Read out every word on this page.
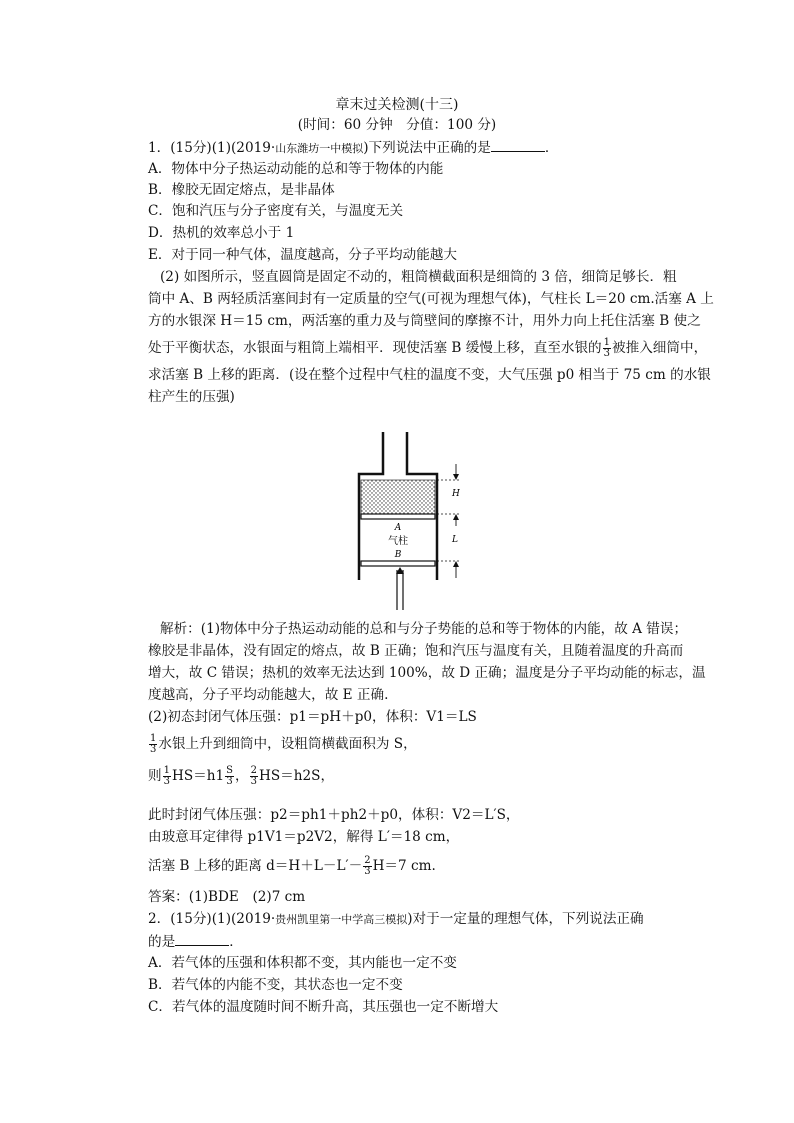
章末过关检测(十三)
(时间：60 分钟　分值：100 分)
1．(15分)(1)(2019·山东潍坊一中模拟)下列说法中正确的是	．
A．物体中分子热运动动能的总和等于物体的内能
B．橡胶无固定熔点，是非晶体
C．饱和汽压与分子密度有关，与温度无关
D．热机的效率总小于 1
E．对于同一种气体，温度越高，分子平均动能越大
(2) 如图所示，竖直圆筒是固定不动的，粗筒横截面积是细筒的 3 倍，细筒足够长．粗
筒中 A、B 两轻质活塞间封有一定质量的空气(可视为理想气体)，气柱长 L＝20 cm.活塞 A 上
方的水银深 H＝15 cm，两活塞的重力及与筒壁间的摩擦不计，用外力向上托住活塞 B 使之
处于平衡状态，水银面与粗筒上端相平．现使活塞 B 缓慢上移，直至水银的 $\frac{1}{3}$ 被推入细筒中，
求活塞 B 上移的距离．(设在整个过程中气柱的温度不变，大气压强 p0 相当于 75 cm 的水银
柱产生的压强)
A
气柱
B
H
L
解析：(1)物体中分子热运动动能的总和与分子势能的总和等于物体的内能，故 A 错误；
橡胶是非晶体，没有固定的熔点，故 B 正确；饱和汽压与温度有关，且随着温度的升高而
增大，故 C 错误；热机的效率无法达到 100%，故 D 正确；温度是分子平均动能的标志，温
度越高，分子平均动能越大，故 E 正确.
(2)初态封闭气体压强：p1＝pH＋p0，体积：V1＝LS
$\frac{1}{3}$ 水银上升到细筒中，设粗筒横截面积为 S，
则 $\frac{1}{3} HS=h1 \frac{S}{3}$ ， $\frac{2}{3} HS=h2S$，
此时封闭气体压强：p2＝ph1＋ph2＋p0，体积：V2＝L′S，
由玻意耳定律得 p1V1＝p2V2，解得 L′＝18 cm，
活塞 B 上移的距离 $d=H+L-L'- \frac{2}{3} H=7$ cm.
答案：(1)BDE　(2)7 cm
2．(15分)(1)(2019·贵州凯里第一中学高三模拟)对于一定量的理想气体，下列说法正确
的是	．
A．若气体的压强和体积都不变，其内能也一定不变
B．若气体的内能不变，其状态也一定不变
C．若气体的温度随时间不断升高，其压强也一定不断增大
